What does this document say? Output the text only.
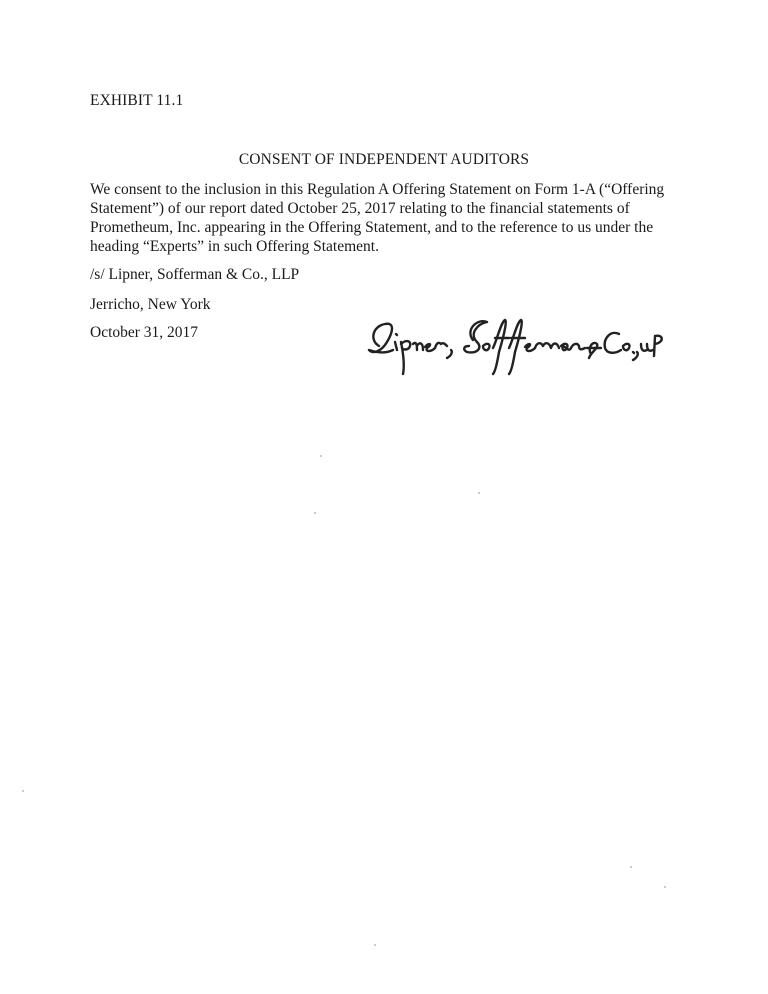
EXHIBIT 11.1
CONSENT OF INDEPENDENT AUDITORS
We consent to the inclusion in this Regulation A Offering Statement on Form 1-A (“Offering Statement”) of our report dated October 25, 2017 relating to the financial statements of Prometheum, Inc. appearing in the Offering Statement, and to the reference to us under the heading “Experts” in such Offering Statement.
/s/ Lipner, Sofferman & Co., LLP
Jerricho, New York
October 31, 2017
